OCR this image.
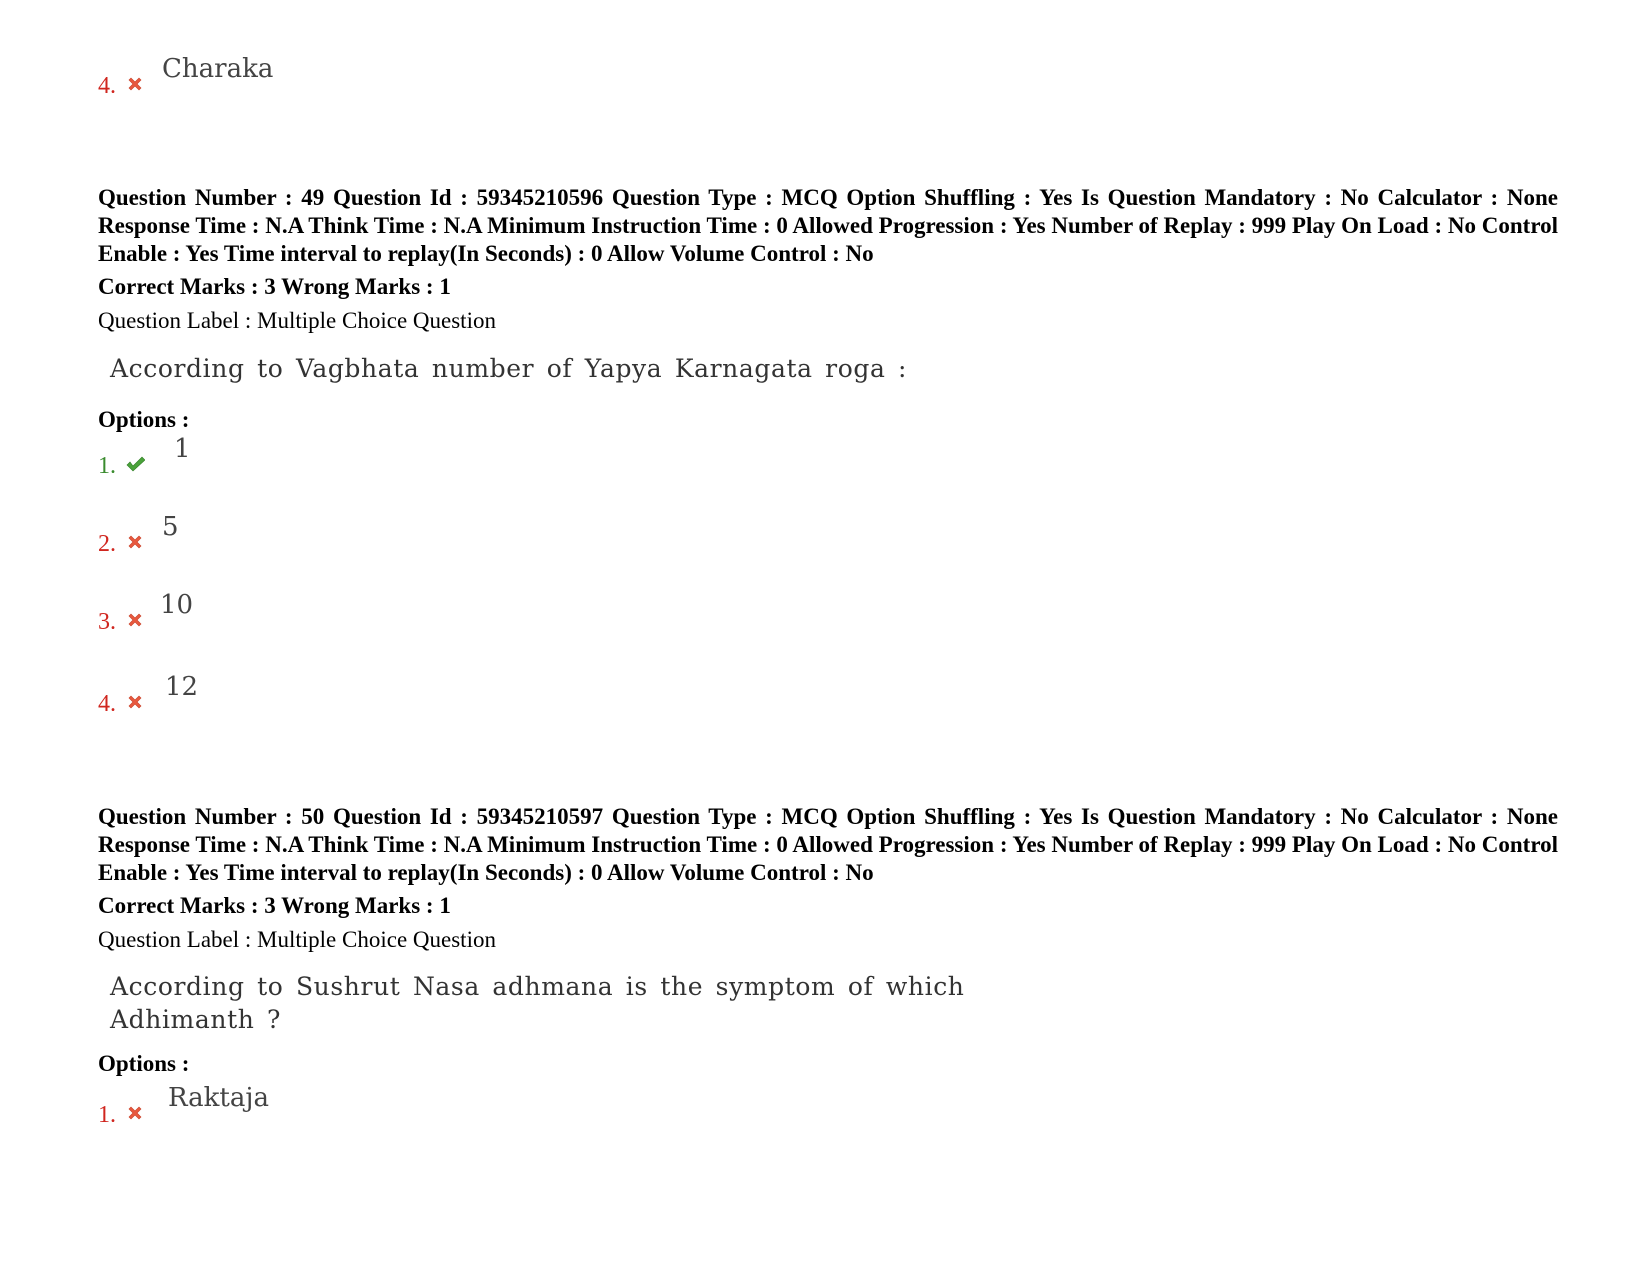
4.
Charaka
Question Number : 49 Question Id : 59345210596 Question Type : MCQ Option Shuffling : Yes Is Question Mandatory : No Calculator : None Response Time : N.A Think Time : N.A Minimum Instruction Time : 0 Allowed Progression : Yes Number of Replay : 999 Play On Load : No Control Enable : Yes Time interval to replay(In Seconds) : 0 Allow Volume Control : No
Correct Marks : 3 Wrong Marks : 1
Question Label : Multiple Choice Question
According to Vagbhata number of Yapya Karnagata roga :
Options :
1.
1
2.
5
3.
10
4.
12
Question Number : 50 Question Id : 59345210597 Question Type : MCQ Option Shuffling : Yes Is Question Mandatory : No Calculator : None Response Time : N.A Think Time : N.A Minimum Instruction Time : 0 Allowed Progression : Yes Number of Replay : 999 Play On Load : No Control Enable : Yes Time interval to replay(In Seconds) : 0 Allow Volume Control : No
Correct Marks : 3 Wrong Marks : 1
Question Label : Multiple Choice Question
According to Sushrut Nasa adhmana is the symptom of which
Adhimanth ?
Options :
1.
Raktaja
